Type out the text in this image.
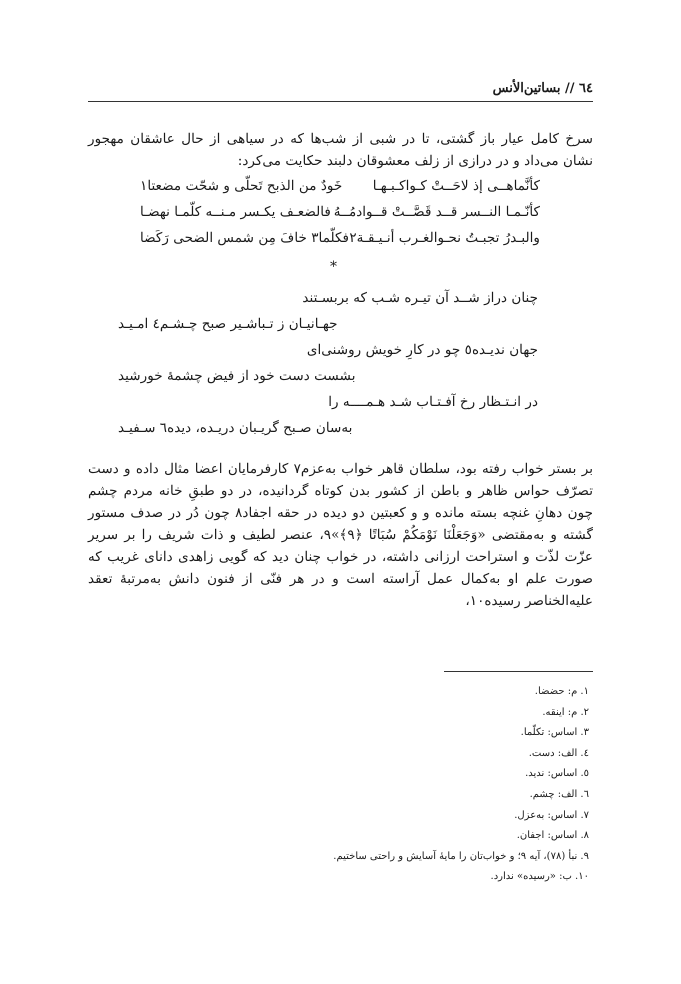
٦٤ // بساتین‌الأنس

سرخ کامل عیار باز گشتی، تا در شبی از شب‌ها که در سیاهی از حال عاشقان مهجور نشان می‌داد و در درازی از زلف معشوقان دلبند حکایت می‌کرد:

کأنَّماهــی إذ لاحَــتْ کـواکـبـهـا
خَودٌ من الذبح تَحلّی و شحّت مضعتا١
کأنّـمـا النــسر قــد قَصَّــتْ قــوادمُــهُ
فالضعـف یکـسر مـنــه کلّمـا نهضـا
والبـدرُ تجبـتُ نحـوالغـرب أنـیـقـة٢
فکلّما٣ خافَ مِن شمس الضحی رَکَضا
*
چنان دراز شــد آن تیـره شـب که بربسـتند
جهـانیـان ز تـباشـیر صبح چـشـم٤ امـیـد
جهان ندیـده٥ چو در کارِ خویش روشنی‌ای
بشست دست خود از فیض چشمهٔ خورشید
در انـتـظار رخ آفـتـاب شـد هـمــــه را
به‌سان صـبح گریـبان دریـده، دیده٦ سـفیـد

بر بستر خواب رفته بود، سلطان قاهر خواب به‌عزم٧ کارفرمایان اعضا مثال داده و دست تصرّف حواس ظاهر و باطن از کشور بدن کوتاه گردانیده، در دو طبقِ خانه مردم چشم چون دهانِ غنچه بسته مانده و و کعبتین دو دیده در حقه اجفاد٨ چون دُر در صدف مستور گشته و به‌مقتضی «وَجَعَلْنَا نَوْمَكُمْ سُبَاتًا ﴿٩﴾»٩، عنصر لطیف و ذات شریف را بر سریر عزّت لذّت و استراحت ارزانی داشته، در خواب چنان دید که گویی زاهدی دانای غریب که صورت علم او به‌کمال عمل آراسته است و در هر فنّی از فنون دانش به‌مرتبهٔ تعقد علیه‌الخناصر رسیده١٠،

١. م: حضضا.
٢. م: اینقه.
٣. اساس: تکلّما.
٤. الف: دست.
٥. اساس: ندید.
٦. الف: چشم.
٧. اساس: به‌عزل.
٨. اساس: اجفان.
٩. نبأ (٧٨)، آیه ٩؛ و خواب‌تان را مایهٔ آسایش و راحتی ساختیم.
١٠. ب: «رسیده» ندارد.
